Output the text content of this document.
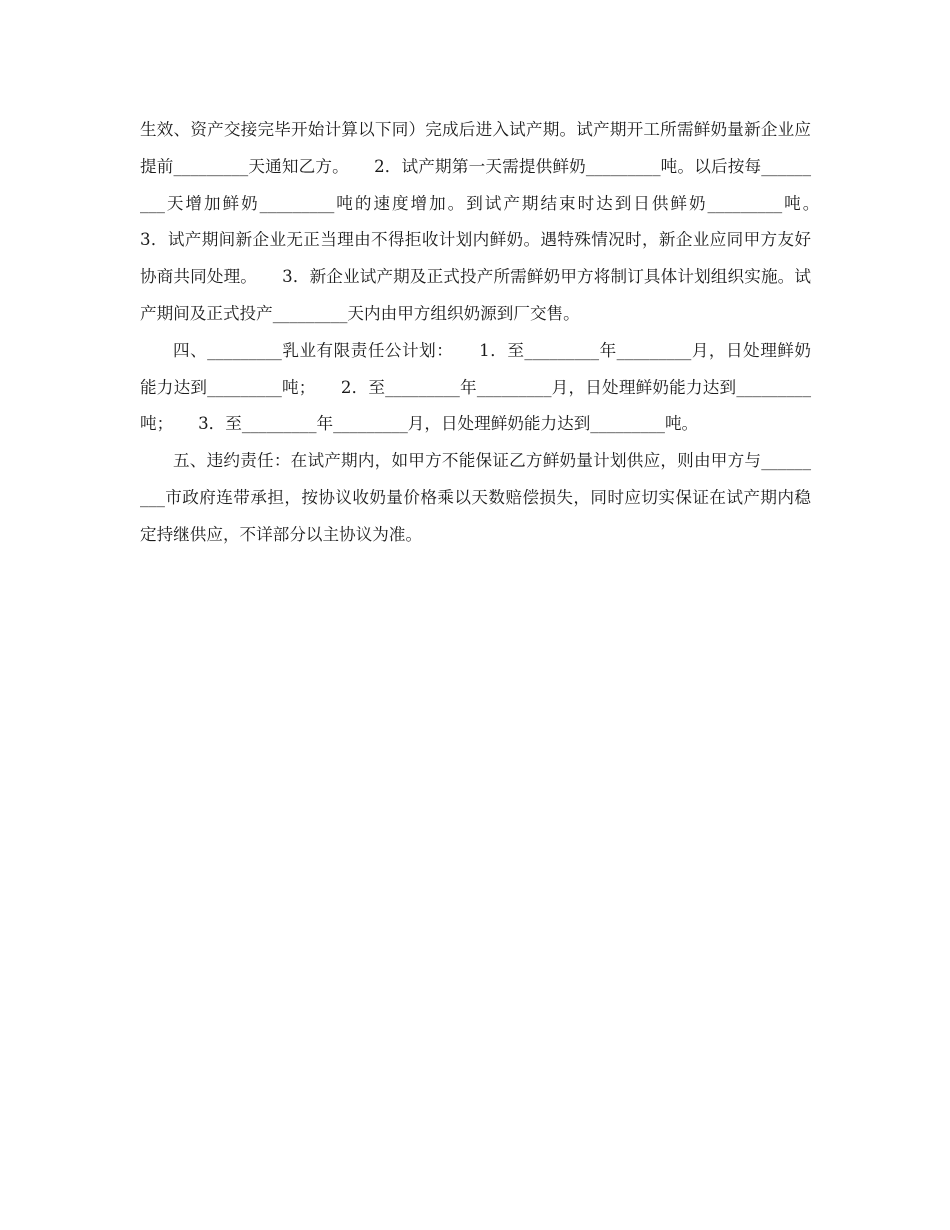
生效、资产交接完毕开始计算以下同）完成后进入试产期。试产期开工所需鲜奶量新企业应提前_________天通知乙方。　　2．试产期第一天需提供鲜奶_________吨。以后按每_________天增加鲜奶_________吨的速度增加。到试产期结束时达到日供鲜奶_________吨。　　3．试产期间新企业无正当理由不得拒收计划内鲜奶。遇特殊情况时，新企业应同甲方友好协商共同处理。　　3．新企业试产期及正式投产所需鲜奶甲方将制订具体计划组织实施。试产期间及正式投产_________天内由甲方组织奶源到厂交售。

四、_________乳业有限责任公计划：　　1．至_________年_________月，日处理鲜奶能力达到_________吨；　　2．至_________年_________月，日处理鲜奶能力达到_________吨；　　3．至_________年_________月，日处理鲜奶能力达到_________吨。

五、违约责任：在试产期内，如甲方不能保证乙方鲜奶量计划供应，则由甲方与_________市政府连带承担，按协议收奶量价格乘以天数赔偿损失，同时应切实保证在试产期内稳定持继供应，不详部分以主协议为准。
